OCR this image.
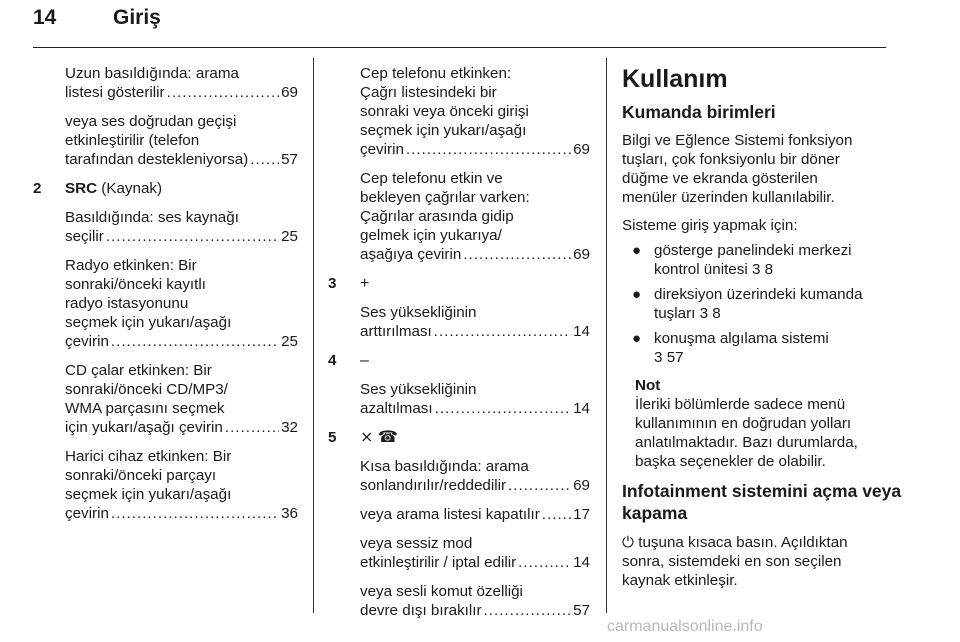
14	Giriş
Uzun basıldığında: arama
listesi gösterilir .....	69
veya ses doğrudan geçişi
etkinleştirilir (telefon
tarafından destekleniyorsa) ..... 57
2 SRC (Kaynak)
Basıldığında: ses kaynağı
seçilir .....	25
Radyo etkinken: Bir
sonraki/önceki kayıtlı
radyo istasyonunu
seçmek için yukarı/aşağı
çevirin .....	25
CD çalar etkinken: Bir
sonraki/önceki CD/MP3/
WMA parçasını seçmek
için yukarı/aşağı çevirin .....	32
Harici cihaz etkinken: Bir
sonraki/önceki parçayı
seçmek için yukarı/aşağı
çevirin .....	36
Cep telefonu etkinken:
Çağrı listesindeki bir
sonraki veya önceki girişi
seçmek için yukarı/aşağı
çevirin .....	69
Cep telefonu etkin ve
bekleyen çağrılar varken:
Çağrılar arasında gidip
gelmek için yukarıya/
aşağıya çevirin .....	69
3 +
Ses yüksekliğinin
arttırılması .....	14
4 –
Ses yüksekliğinin
azaltılması .....	14
5 ⨯ ☎
Kısa basıldığında: arama
sonlandırılır/reddedilir .....	69
veya arama listesi kapatılır ..... 17
veya sessiz mod
etkinleştirilir / iptal edilir .....	14
veya sesli komut özelliği
devre dışı bırakılır .....	57
Kullanım
Kumanda birimleri
Bilgi ve Eğlence Sistemi fonksiyon
tuşları, çok fonksiyonlu bir döner
düğme ve ekranda gösterilen
menüler üzerinden kullanılabilir.
Sisteme giriş yapmak için:
● gösterge panelindeki merkezi
kontrol ünitesi 3 8
● direksiyon üzerindeki kumanda
tuşları 3 8
● konuşma algılama sistemi
3 57
Not
İleriki bölümlerde sadece menü
kullanımının en doğrudan yolları
anlatılmaktadır. Bazı durumlarda,
başka seçenekler de olabilir.
Infotainment sistemini açma veya
kapama
⏻ tuşuna kısaca basın. Açıldıktan
sonra, sistemdeki en son seçilen
kaynak etkinleşir.
carmanualsonline.info
